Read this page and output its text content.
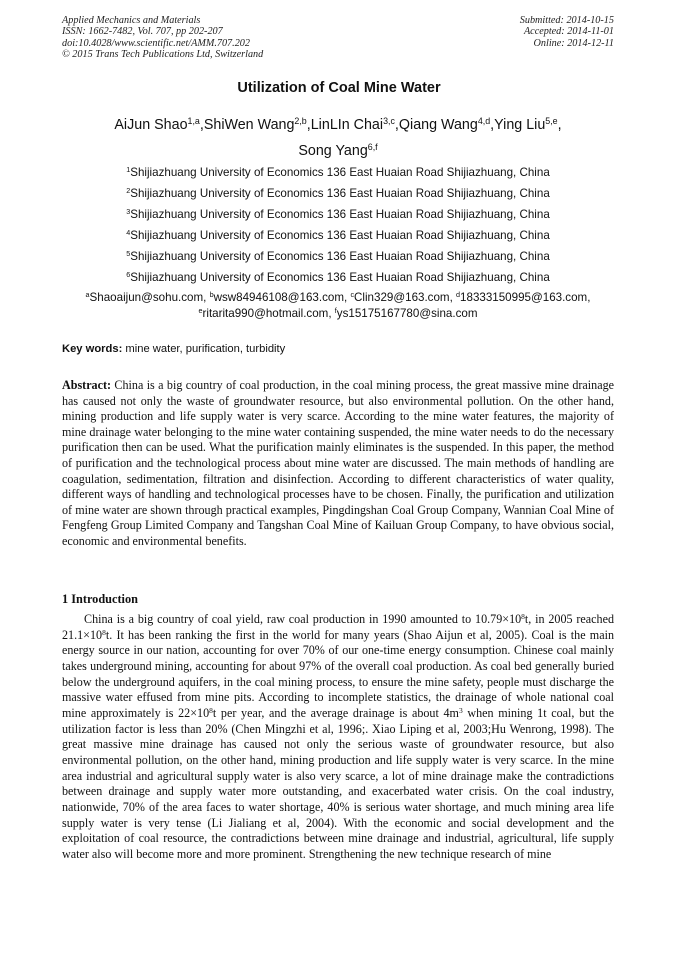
Applied Mechanics and Materials
ISSN: 1662-7482, Vol. 707, pp 202-207
doi:10.4028/www.scientific.net/AMM.707.202
© 2015 Trans Tech Publications Ltd, Switzerland
Submitted: 2014-10-15
Accepted: 2014-11-01
Online: 2014-12-11
Utilization of Coal Mine Water
AiJun Shao$^{1,a}$,ShiWen Wang$^{2,b}$,LinLIn Chai$^{3,c}$,Qiang Wang$^{4,d}$,Ying Liu$^{5,e}$,
Song Yang$^{6,f}$
$^1$Shijiazhuang University of Economics 136 East Huaian Road Shijiazhuang, China
$^2$Shijiazhuang University of Economics 136 East Huaian Road Shijiazhuang, China
$^3$Shijiazhuang University of Economics 136 East Huaian Road Shijiazhuang, China
$^4$Shijiazhuang University of Economics 136 East Huaian Road Shijiazhuang, China
$^5$Shijiazhuang University of Economics 136 East Huaian Road Shijiazhuang, China
$^6$Shijiazhuang University of Economics 136 East Huaian Road Shijiazhuang, China
$^a$Shaoaijun@sohu.com, $^b$wsw84946108@163.com, $^c$Clin329@163.com, $^d$18333150995@163.com,
$^e$ritarita990@hotmail.com, $^f$ys15175167780@sina.com
Key words: mine water, purification, turbidity
Abstract: China is a big country of coal production, in the coal mining process, the great massive mine drainage has caused not only the waste of groundwater resource, but also environmental pollution. On the other hand, mining production and life supply water is very scarce. According to the mine water features, the majority of mine drainage water belonging to the mine water containing suspended, the mine water needs to do the necessary purification then can be used. What the purification mainly eliminates is the suspended. In this paper, the method of purification and the technological process about mine water are discussed. The main methods of handling are coagulation, sedimentation, filtration and disinfection. According to different characteristics of water quality, different ways of handling and technological processes have to be chosen. Finally, the purification and utilization of mine water are shown through practical examples, Pingdingshan Coal Group Company, Wannian Coal Mine of Fengfeng Group Limited Company and Tangshan Coal Mine of Kailuan Group Company, to have obvious social, economic and environmental benefits.
1 Introduction
China is a big country of coal yield, raw coal production in 1990 amounted to $10.79\times 10^8t$, in 2005 reached $21.1\times 10^8t$. It has been ranking the first in the world for many years (Shao Aijun et al, 2005). Coal is the main energy source in our nation, accounting for over 70% of our one-time energy consumption. Chinese coal mainly takes underground mining, accounting for about 97% of the overall coal production. As coal bed generally buried below the underground aquifers, in the coal mining process, to ensure the mine safety, people must discharge the massive water effused from mine pits. According to incomplete statistics, the drainage of whole national coal mine approximately is $22\times 10^8t$ per year, and the average drainage is about $4m^3$ when mining 1t coal, but the utilization factor is less than 20% (Chen Mingzhi et al, 1996;. Xiao Liping et al, 2003;Hu Wenrong, 1998). The great massive mine drainage has caused not only the serious waste of groundwater resource, but also environmental pollution, on the other hand, mining production and life supply water is very scarce. In the mine area industrial and agricultural supply water is also very scarce, a lot of mine drainage make the contradictions between drainage and supply water more outstanding, and exacerbated water crisis. On the coal industry, nationwide, 70% of the area faces to water shortage, 40% is serious water shortage, and much mining area life supply water is very tense (Li Jialiang et al, 2004). With the economic and social development and the exploitation of coal resource, the contradictions between mine drainage and industrial, agricultural, life supply water also will become more and more prominent. Strengthening the new technique research of mine
